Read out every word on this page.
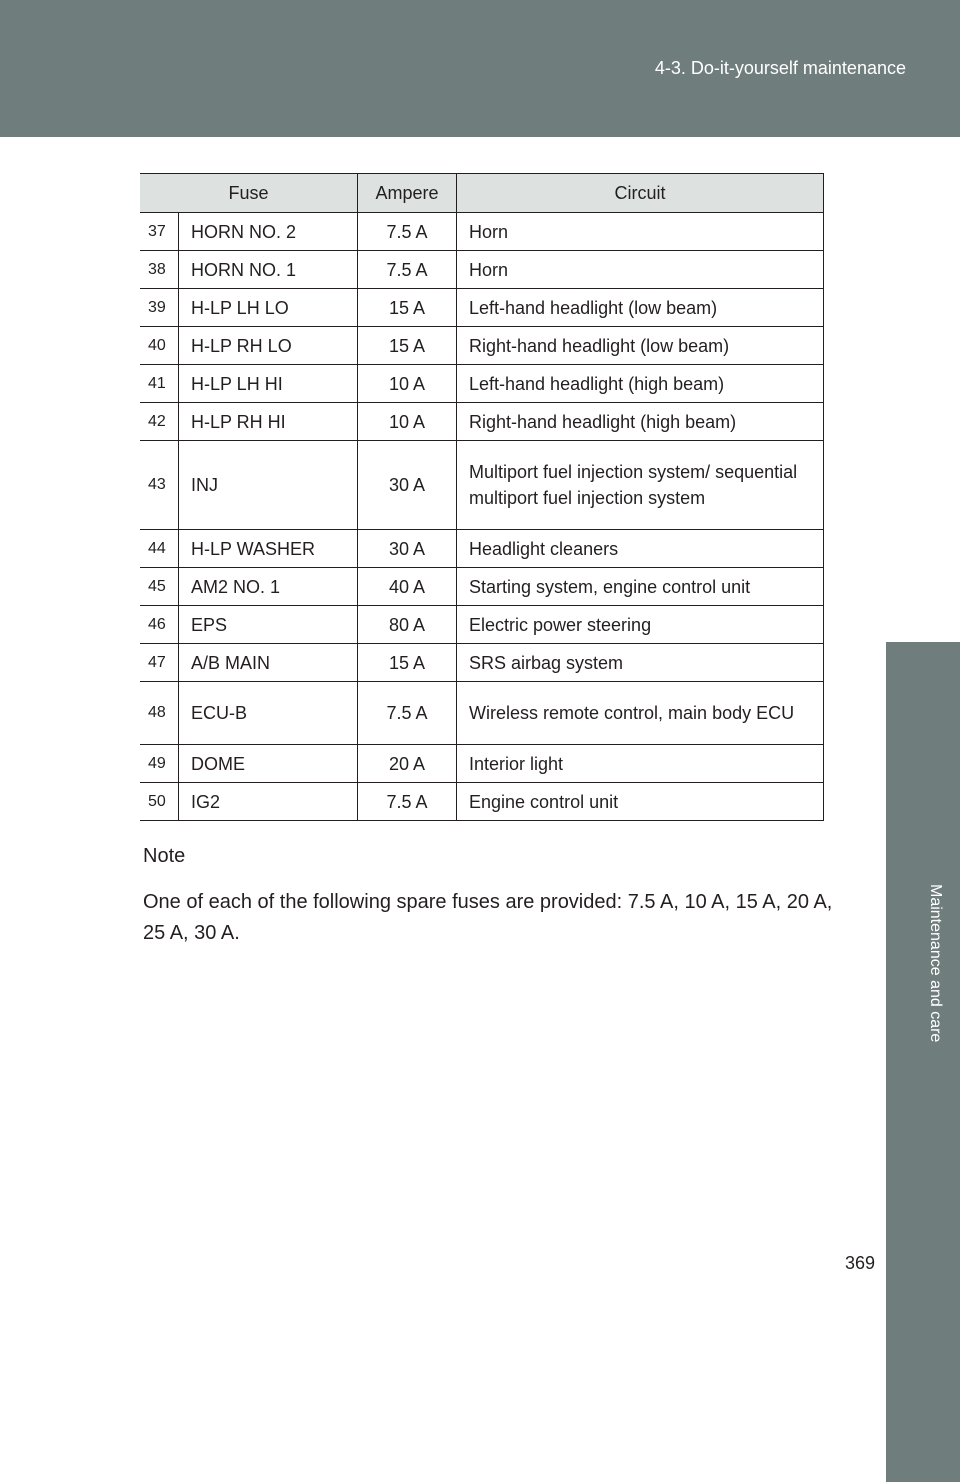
4-3. Do-it-yourself maintenance
Maintenance and care
Fuse		Ampere	Circuit
37	HORN NO. 2	7.5 A	Horn
38	HORN NO. 1	7.5 A	Horn
39	H-LP LH LO	15 A	Left-hand headlight (low beam)
40	H-LP RH LO	15 A	Right-hand headlight (low beam)
41	H-LP LH HI	10 A	Left-hand headlight (high beam)
42	H-LP RH HI	10 A	Right-hand headlight (high beam)
43	INJ	30 A	Multiport fuel injection system/ sequential multiport fuel injection system
44	H-LP WASHER	30 A	Headlight cleaners
45	AM2 NO. 1	40 A	Starting system, engine control unit
46	EPS	80 A	Electric power steering
47	A/B MAIN	15 A	SRS airbag system
48	ECU-B	7.5 A	Wireless remote control, main body ECU
49	DOME	20 A	Interior light
50	IG2	7.5 A	Engine control unit
Note
One of each of the following spare fuses are provided: 7.5 A, 10 A, 15 A, 20 A, 25 A, 30 A.
369
